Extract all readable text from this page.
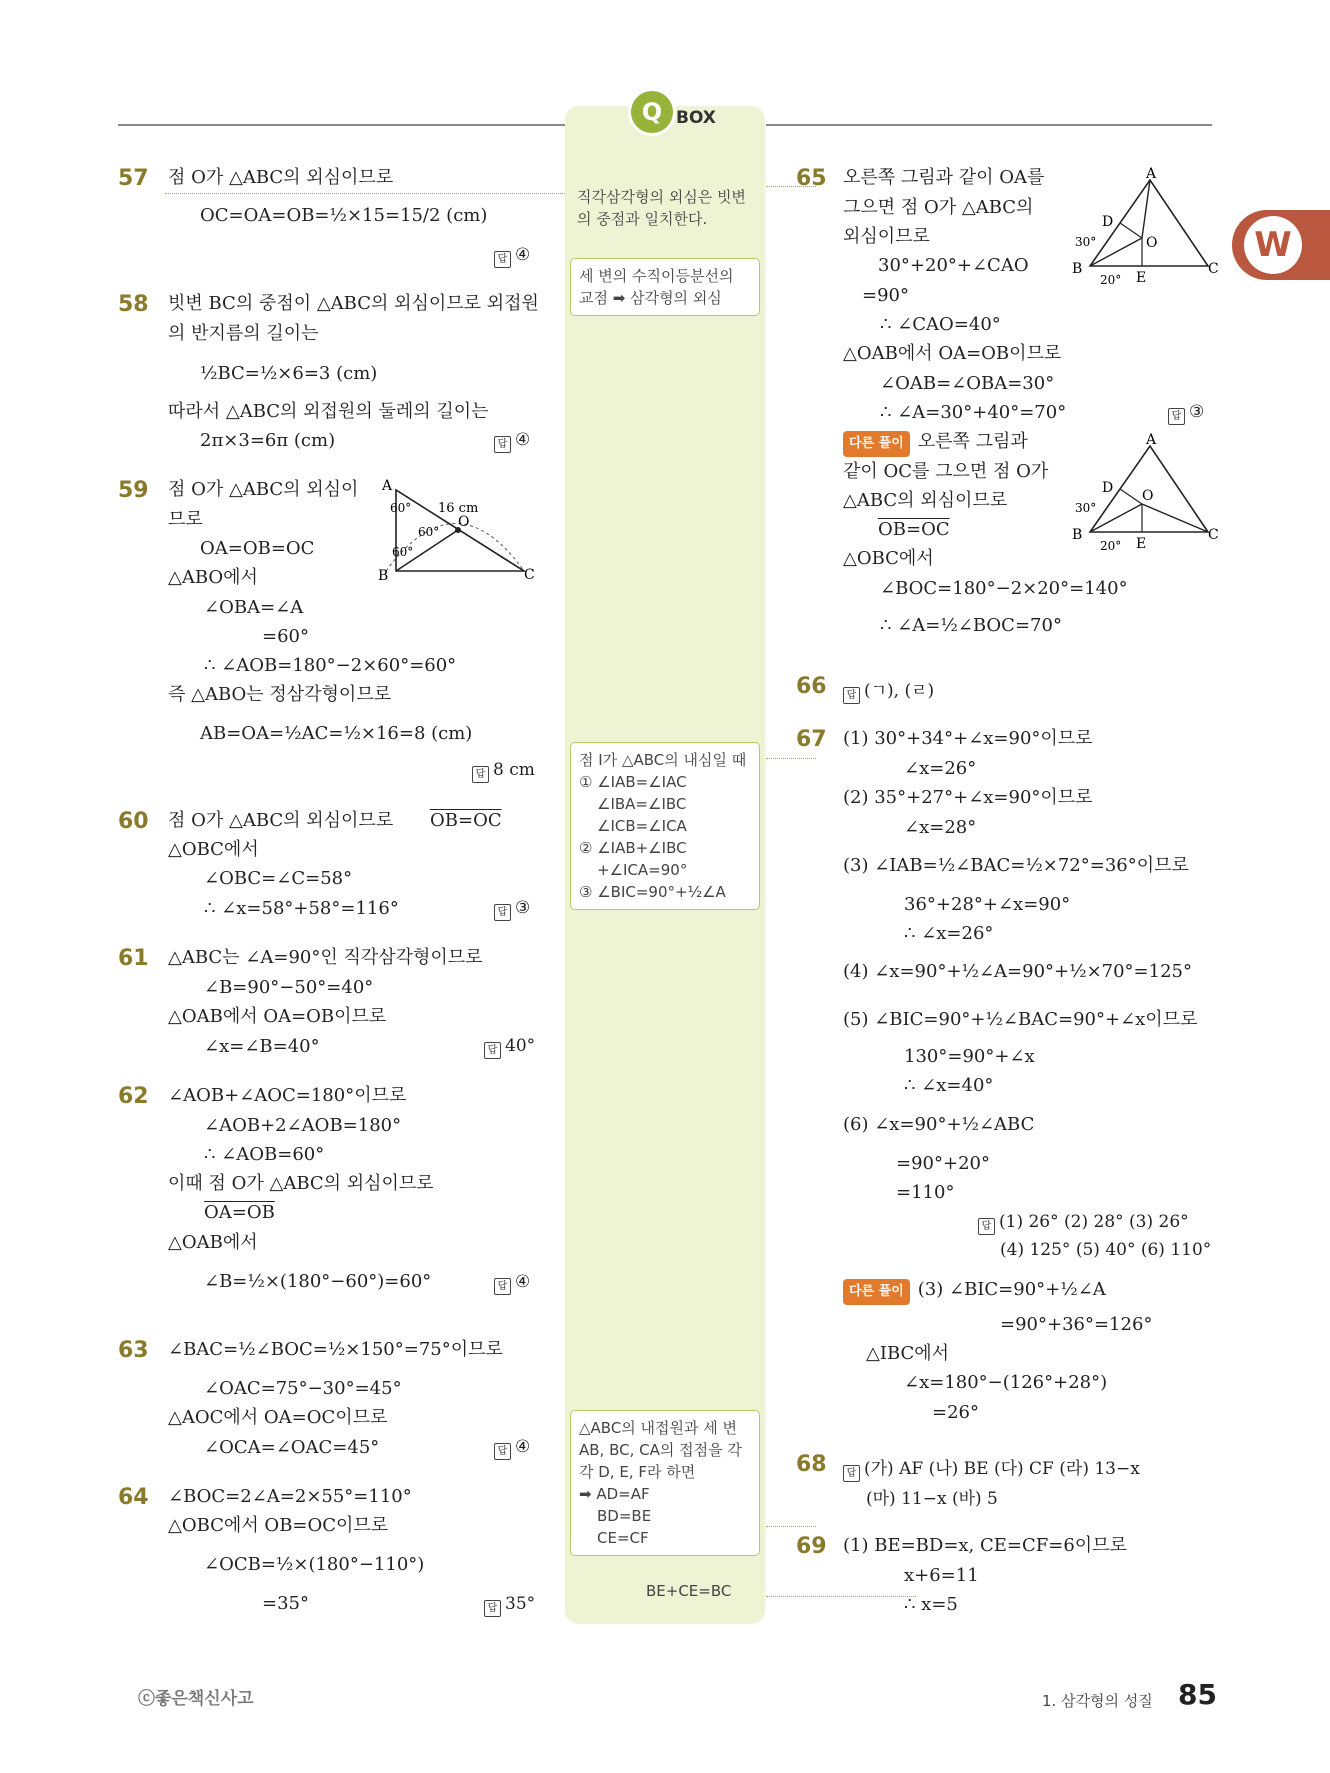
Q BOX
W
직각삼각형의 외심은 빗변의 중점과 일치한다.
세 변의 수직이등분선의 교점 ➡ 삼각형의 외심
점 I가 △ABC의 내심일 때
① ∠IAB=∠IAC
∠IBA=∠IBC
∠ICB=∠ICA
② ∠IAB+∠IBC
+∠ICA=90°
③ ∠BIC=90°+½∠A
△ABC의 내접원과 세 변 AB, BC, CA의 접점을 각각 D, E, F라 하면
➡ AD=AF
BD=BE
CE=CF
BE+CE=BC
57 점 O가 △ABC의 외심이므로
OC=OA=OB=½×15=15/2 (cm)
답 ④
58 빗변 BC의 중점이 △ABC의 외심이므로 외접원
의 반지름의 길이는
½BC=½×6=3 (cm)
따라서 △ABC의 외접원의 둘레의 길이는
2π×3=6π (cm)	답 ④
59 점 O가 △ABC의 외심이
므로
OA=OB=OC
△ABO에서
∠OBA=∠A
=60°
∴ ∠AOB=180°−2×60°=60°
즉 △ABO는 정삼각형이므로
AB=OA=½AC=½×16=8 (cm)
답 8 cm
A
B	C
O
16 cm
60°
60°
60°
60 점 O가 △ABC의 외심이므로 OB=OC
△OBC에서
∠OBC=∠C=58°
∴ ∠x=58°+58°=116°	답 ③
61 △ABC는 ∠A=90°인 직각삼각형이므로
∠B=90°−50°=40°
△OAB에서 OA=OB이므로
∠x=∠B=40°	답 40°
62 ∠AOB+∠AOC=180°이므로
∠AOB+2∠AOB=180°
∴ ∠AOB=60°
이때 점 O가 △ABC의 외심이므로
OA=OB
△OAB에서
∠B=½×(180°−60°)=60°	답 ④
63 ∠BAC=½∠BOC=½×150°=75°이므로
∠OAC=75°−30°=45°
△AOC에서 OA=OC이므로
∠OCA=∠OAC=45°	답 ④
64 ∠BOC=2∠A=2×55°=110°
△OBC에서 OB=OC이므로
∠OCB=½×(180°−110°)
=35°	답 35°
65 오른쪽 그림과 같이 OA를
그으면 점 O가 △ABC의
외심이므로
30°+20°+∠CAO
=90°
∴ ∠CAO=40°
△OAB에서 OA=OB이므로
∠OAB=∠OBA=30°
∴ ∠A=30°+40°=70°	답 ③
다른 풀이 오른쪽 그림과
같이 OC를 그으면 점 O가
△ABC의 외심이므로
OB=OC
△OBC에서
∠BOC=180°−2×20°=140°
∴ ∠A=½∠BOC=70°
A
B	C
D
E
O
30°
20°
A
B	C
D
E
O
30°
20°
66	답 (ㄱ), (ㄹ)
67 (1) 30°+34°+∠x=90°이므로
∠x=26°
(2) 35°+27°+∠x=90°이므로
∠x=28°
(3) ∠IAB=½∠BAC=½×72°=36°이므로
36°+28°+∠x=90°
∴ ∠x=26°
(4) ∠x=90°+½∠A=90°+½×70°=125°
(5) ∠BIC=90°+½∠BAC=90°+∠x이므로
130°=90°+∠x
∴ ∠x=40°
(6) ∠x=90°+½∠ABC
=90°+20°
=110°
답 (1) 26° (2) 28° (3) 26°
(4) 125° (5) 40° (6) 110°
다른 풀이 (3) ∠BIC=90°+½∠A
=90°+36°=126°
△IBC에서
∠x=180°−(126°+28°)
=26°
68	답 (가) AF (나) BE (다) CF (라) 13−x
(마) 11−x (바) 5
69 (1) BE=BD=x, CE=CF=6이므로
x+6=11
∴ x=5
ⓒ좋은책신사고	1. 삼각형의 성질 85
